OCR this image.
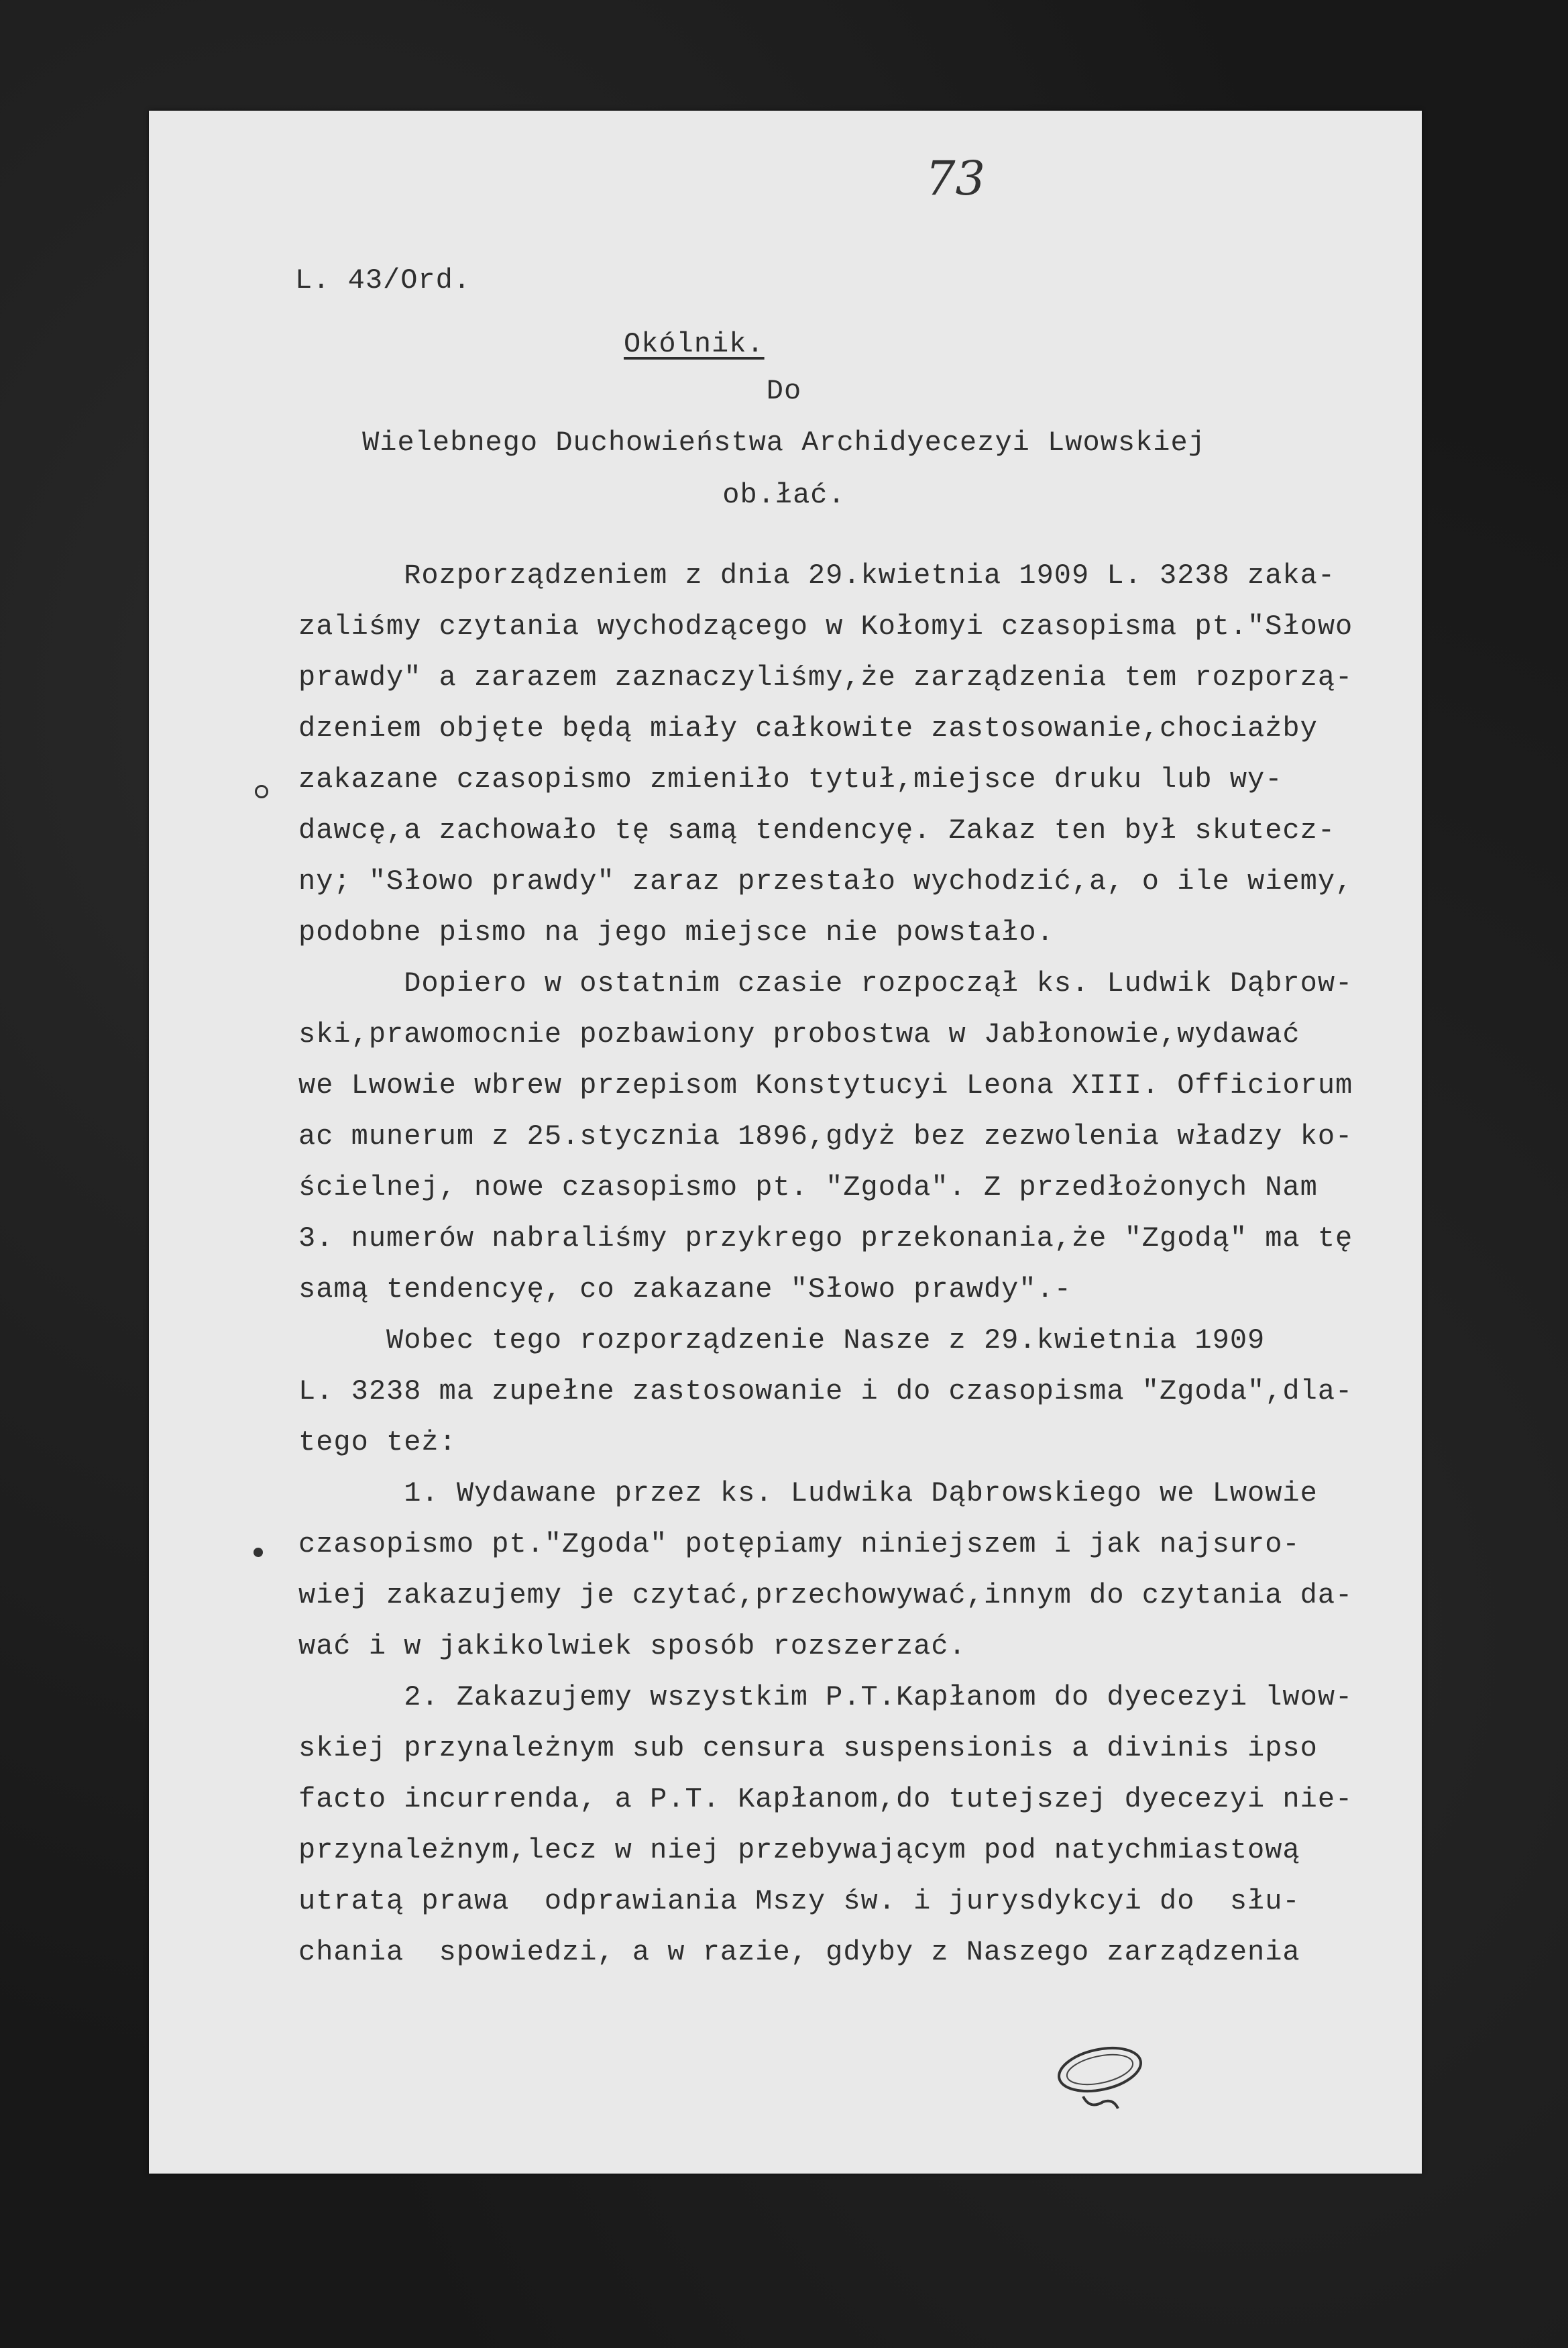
73
L. 43/Ord.
Okólnik.
Do
Wielebnego Duchowieństwa Archidyecezyi Lwowskiej
ob.łać.
Rozporządzeniem z dnia 29.kwietnia 1909 L. 3238 zaka-
zaliśmy czytania wychodzącego w Kołomyi czasopisma pt."Słowo
prawdy" a zarazem zaznaczyliśmy,że zarządzenia tem rozporzą-
dzeniem objęte będą miały całkowite zastosowanie,chociażby
zakazane czasopismo zmieniło tytuł,miejsce druku lub wy-
dawcę,a zachowało tę samą tendencyę. Zakaz ten był skutecz-
ny; "Słowo prawdy" zaraz przestało wychodzić,a, o ile wiemy,
podobne pismo na jego miejsce nie powstało.
Dopiero w ostatnim czasie rozpoczął ks. Ludwik Dąbrow-
ski,prawomocnie pozbawiony probostwa w Jabłonowie,wydawać
we Lwowie wbrew przepisom Konstytucyi Leona XIII. Officiorum
ac munerum z 25.stycznia 1896,gdyż bez zezwolenia władzy ko-
ścielnej, nowe czasopismo pt. "Zgoda". Z przedłożonych Nam
3. numerów nabraliśmy przykrego przekonania,że "Zgodą" ma tę
samą tendencyę, co zakazane "Słowo prawdy".-
Wobec tego rozporządzenie Nasze z 29.kwietnia 1909
L. 3238 ma zupełne zastosowanie i do czasopisma "Zgoda",dla-
tego też:
1. Wydawane przez ks. Ludwika Dąbrowskiego we Lwowie
czasopismo pt."Zgoda" potępiamy niniejszem i jak najsuro-
wiej zakazujemy je czytać,przechowywać,innym do czytania da-
wać i w jakikolwiek sposób rozszerzać.
2. Zakazujemy wszystkim P.T.Kapłanom do dyecezyi lwow-
skiej przynależnym sub censura suspensionis a divinis ipso
facto incurrenda, a P.T. Kapłanom,do tutejszej dyecezyi nie-
przynależnym,lecz w niej przebywającym pod natychmiastową
utratą prawa  odprawiania Mszy św. i jurysdykcyi do  słu-
chania  spowiedzi, a w razie, gdyby z Naszego zarządzenia
